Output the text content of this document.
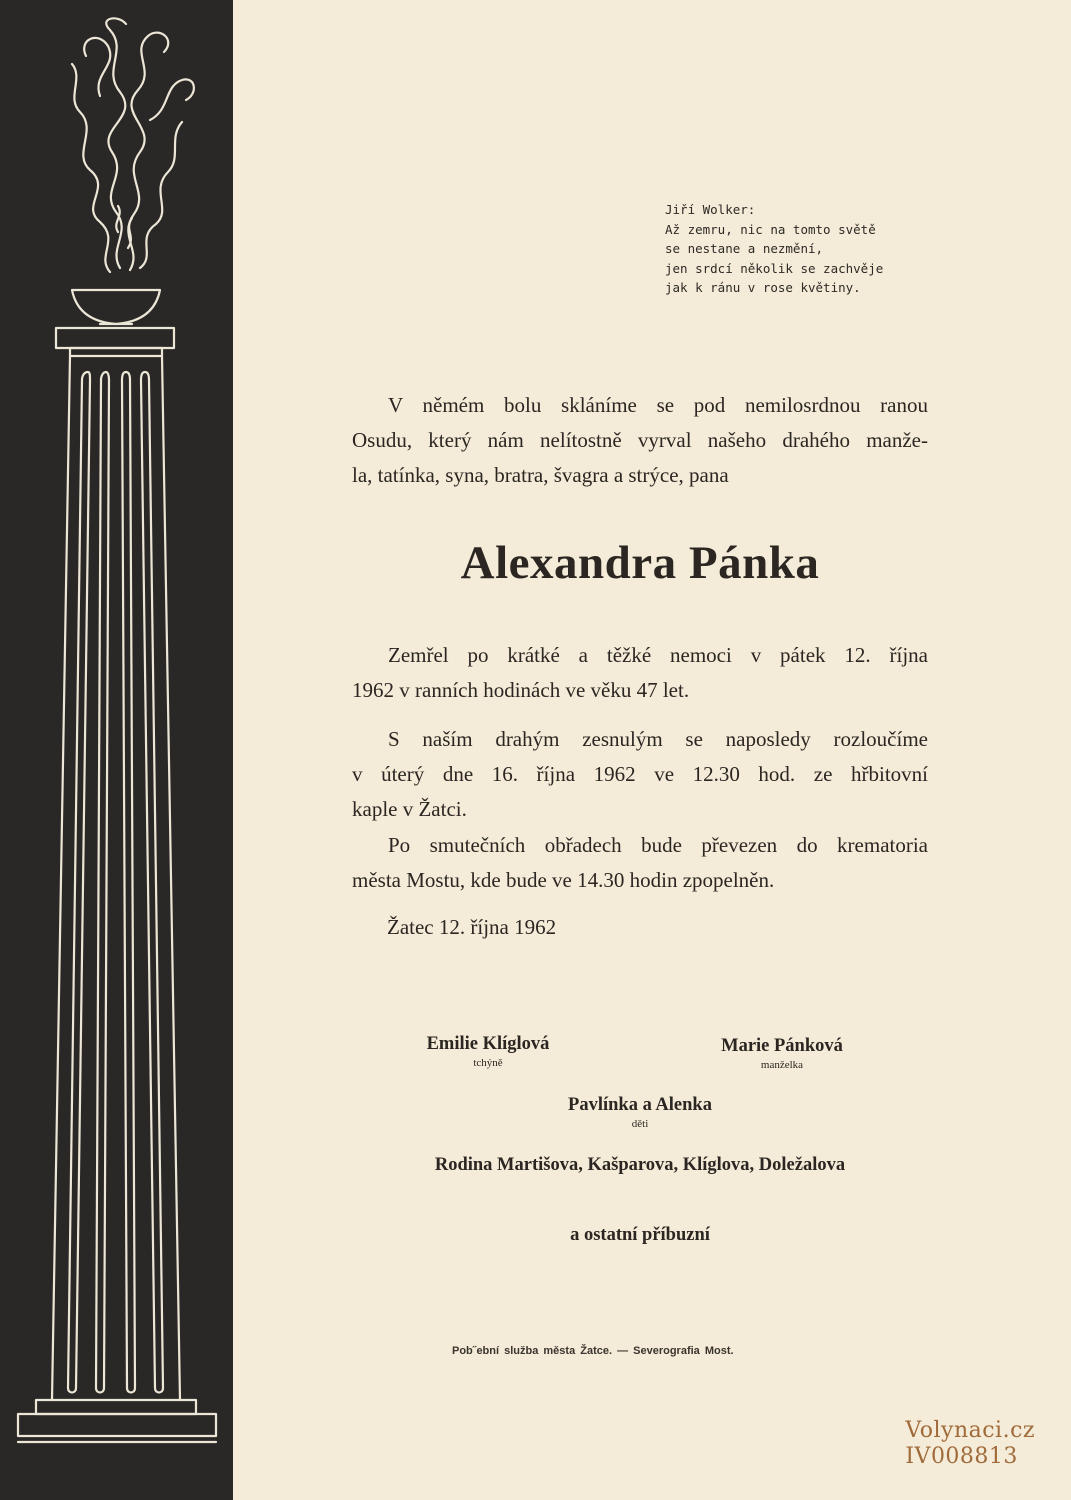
Jiří Wolker:
Až zemru, nic na tomto světě
se nestane a nezmění,
jen srdcí několik se zachvěje
jak k ránu v rose květiny.
V němém bolu skláníme se pod nemilosrdnou ranou
Osudu, který nám nelítostně vyrval našeho drahého manže-
la, tatínka, syna, bratra, švagra a strýce, pana
Alexandra Pánka
Zemřel po krátké a těžké nemoci v pátek 12. října
1962 v ranních hodinách ve věku 47 let.
S naším drahým zesnulým se naposledy rozloučíme
v úterý dne 16. října 1962 ve 12.30 hod. ze hřbitovní
kaple v Žatci.
Po smutečních obřadech bude převezen do krematoria
města Mostu, kde bude ve 14.30 hodin zpopelněn.
Žatec 12. října 1962
Emilie Klíglová
tchýně
Marie Pánková
manželka
Pavlínka a Alenka
děti
Rodina Martišova, Kašparova, Klíglova, Doležalova
a ostatní příbuzní
Pob˝ební služba města Žatce. — Severografia Most.
Volynaci.cz
IV008813
